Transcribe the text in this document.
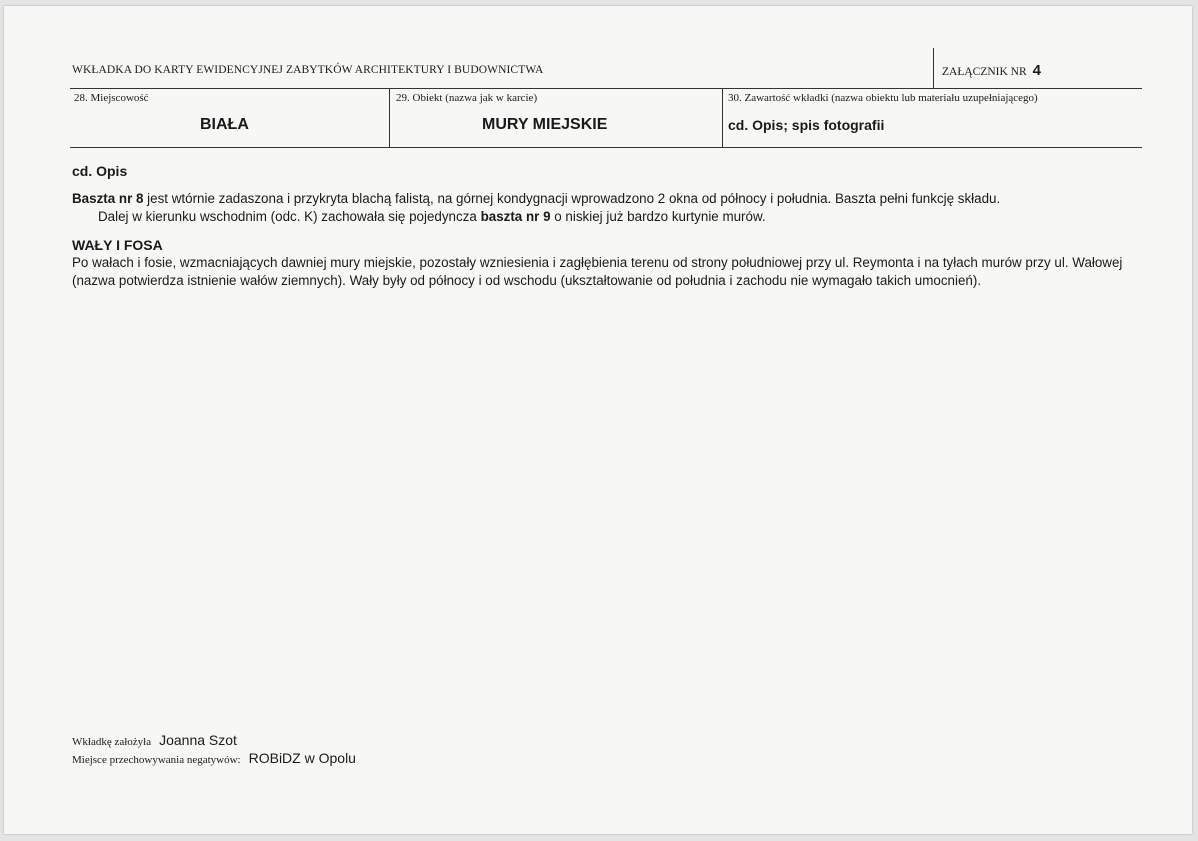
WKŁADKA DO KARTY EWIDENCYJNEJ ZABYTKÓW ARCHITEKTURY I BUDOWNICTWA	ZAŁĄCZNIK NR 4
28. Miejscowość
BIAŁA
29. Obiekt (nazwa jak w karcie)
MURY MIEJSKIE
30. Zawartość wkładki (nazwa obiektu lub materiału uzupełniającego)
cd. Opis; spis fotografii

cd. Opis

Baszta nr 8 jest wtórnie zadaszona i przykryta blachą falistą, na górnej kondygnacji wprowadzono 2 okna od północy i południa. Baszta pełni funkcję składu.

Dalej w kierunku wschodnim (odc. K) zachowała się pojedyncza baszta nr 9 o niskiej już bardzo kurtynie murów.

WAŁY I FOSA

Po wałach i fosie, wzmacniających dawniej mury miejskie, pozostały wzniesienia i zagłębienia terenu od strony południowej przy ul. Reymonta i na tyłach murów przy ul. Wałowej (nazwa potwierdza istnienie wałów ziemnych). Wały były od północy i od wschodu (ukształtowanie od południa i zachodu nie wymagało takich umocnień).

Wkładkę założyła Joanna Szot
Miejsce przechowywania negatywów: ROBiDZ w Opolu
